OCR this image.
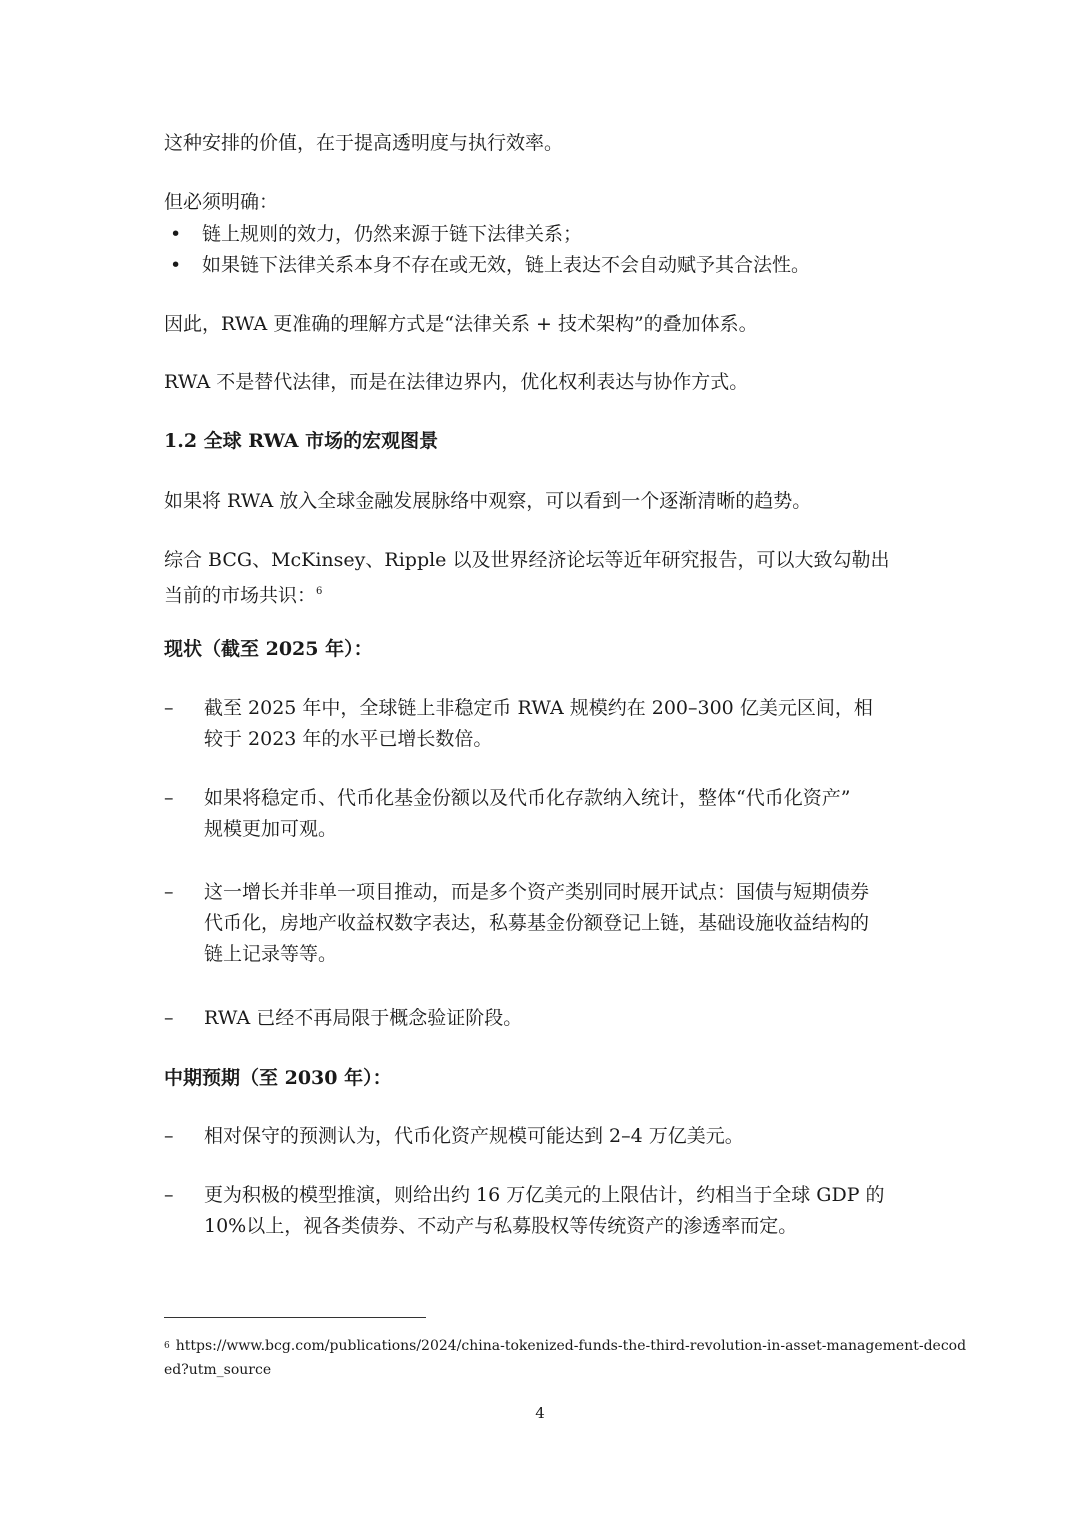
这种安排的价值，在于提高透明度与执行效率。

但必须明确：

• 链上规则的效力，仍然来源于链下法律关系；
• 如果链下法律关系本身不存在或无效，链上表达不会自动赋予其合法性。

因此，RWA 更准确的理解方式是“法律关系 + 技术架构”的叠加体系。

RWA 不是替代法律，而是在法律边界内，优化权利表达与协作方式。

1.2 全球 RWA 市场的宏观图景

如果将 RWA 放入全球金融发展脉络中观察，可以看到一个逐渐清晰的趋势。

综合 BCG、McKinsey、Ripple 以及世界经济论坛等近年研究报告，可以大致勾勒出
当前的市场共识：$^6$

现状（截至 2025 年）：

– 截至 2025 年中，全球链上非稳定币 RWA 规模约在 200–300 亿美元区间，相
较于 2023 年的水平已增长数倍。
– 如果将稳定币、代币化基金份额以及代币化存款纳入统计，整体“代币化资产”
规模更加可观。
– 这一增长并非单一项目推动，而是多个资产类别同时展开试点：国债与短期债券
代币化，房地产收益权数字表达，私募基金份额登记上链，基础设施收益结构的
链上记录等等。
– RWA 已经不再局限于概念验证阶段。

中期预期（至 2030 年）：

– 相对保守的预测认为，代币化资产规模可能达到 2–4 万亿美元。
– 更为积极的模型推演，则给出约 16 万亿美元的上限估计，约相当于全球 GDP 的
10%以上，视各类债券、不动产与私募股权等传统资产的渗透率而定。
$^6$ https://www.bcg.com/publications/2024/china-tokenized-funds-the-third-revolution-in-asset-management-decod
ed?utm_source
4
